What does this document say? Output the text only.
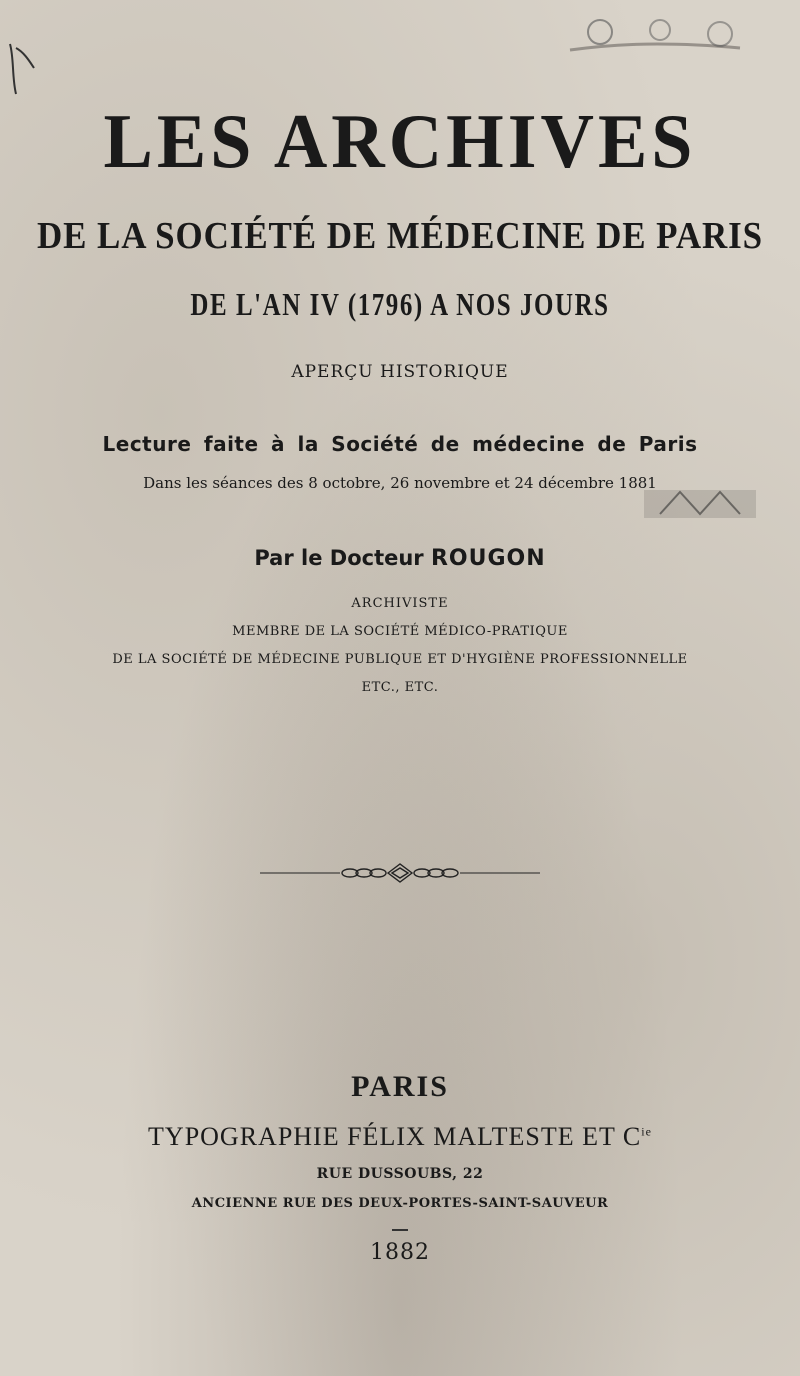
LES ARCHIVES
DE LA SOCIÉTÉ DE MÉDECINE DE PARIS
DE L'AN IV (1796) A NOS JOURS
APERÇU HISTORIQUE
Lecture faite à la Société de médecine de Paris
Dans les séances des 8 octobre, 26 novembre et 24 décembre 1881
Par le Docteur ROUGON
ARCHIVISTE
MEMBRE DE LA SOCIÉTÉ MÉDICO-PRATIQUE
DE LA SOCIÉTÉ DE MÉDECINE PUBLIQUE ET D'HYGIÈNE PROFESSIONNELLE
ETC., ETC.
PARIS
TYPOGRAPHIE FÉLIX MALTESTE ET $C^{ie}$
RUE DUSSOUBS, 22
ANCIENNE RUE DES DEUX-PORTES-SAINT-SAUVEUR
1882
